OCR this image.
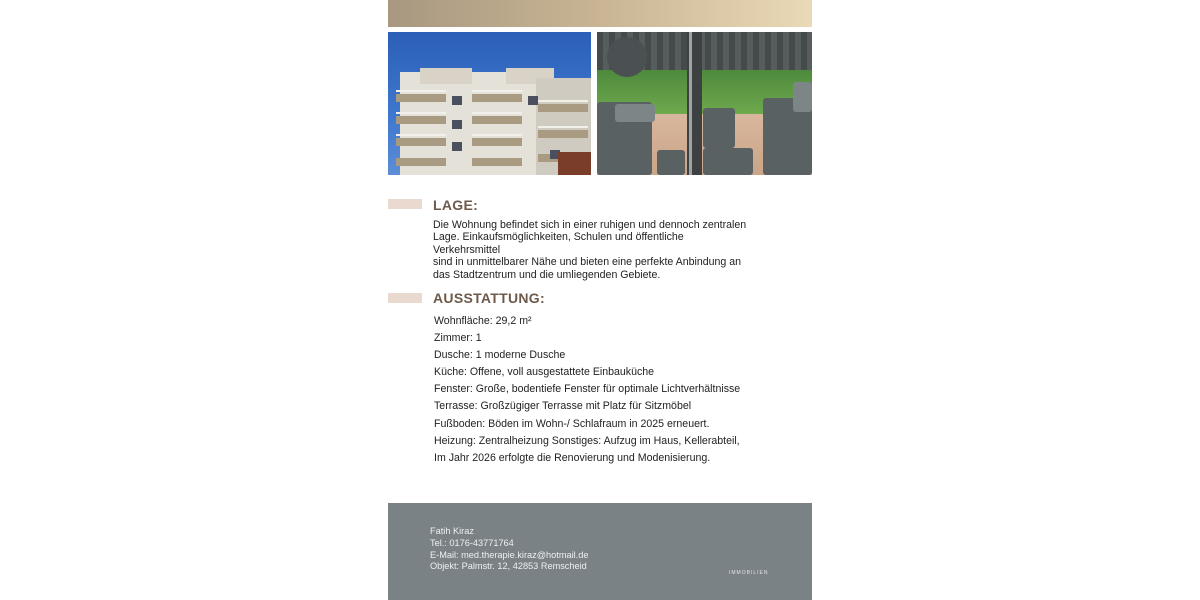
LAGE:
Die Wohnung befindet sich in einer ruhigen und dennoch zentralen
Lage. Einkaufsmöglichkeiten, Schulen und öffentliche Verkehrsmittel
sind in unmittelbarer Nähe und bieten eine perfekte Anbindung an
das Stadtzentrum und die umliegenden Gebiete.
AUSSTATTUNG:
Wohnfläche: 29,2 m²
Zimmer: 1
Dusche: 1 moderne Dusche
Küche: Offene, voll ausgestattete Einbauküche
Fenster: Große, bodentiefe Fenster für optimale Lichtverhältnisse
Terrasse: Großzügiger Terrasse mit Platz für Sitzmöbel
Fußboden: Böden im Wohn-/ Schlafraum in 2025 erneuert.
Heizung: Zentralheizung Sonstiges: Aufzug im Haus, Kellerabteil,
Im Jahr 2026 erfolgte die Renovierung und Modenisierung.
Fatih Kiraz
Tel.: 0176-43771764
E-Mail: med.therapie.kiraz@hotmail.de
Objekt: Palmstr. 12, 42853 Remscheid
IMMOBILIEN
